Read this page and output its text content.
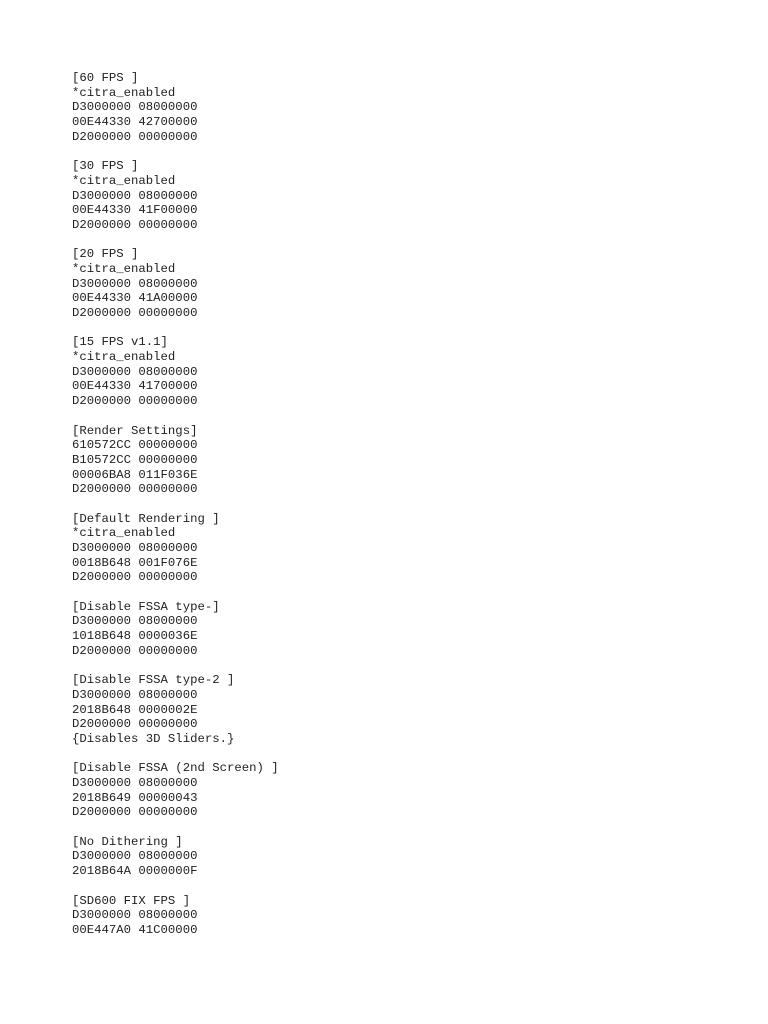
[60 FPS ]
*citra_enabled
D3000000 08000000
00E44330 42700000
D2000000 00000000
[30 FPS ]
*citra_enabled
D3000000 08000000
00E44330 41F00000
D2000000 00000000
[20 FPS ]
*citra_enabled
D3000000 08000000
00E44330 41A00000
D2000000 00000000
[15 FPS v1.1]
*citra_enabled
D3000000 08000000
00E44330 41700000
D2000000 00000000
[Render Settings]
610572CC 00000000
B10572CC 00000000
00006BA8 011F036E
D2000000 00000000
[Default Rendering ]
*citra_enabled
D3000000 08000000
0018B648 001F076E
D2000000 00000000
[Disable FSSA type-]
D3000000 08000000
1018B648 0000036E
D2000000 00000000
[Disable FSSA type-2 ]
D3000000 08000000
2018B648 0000002E
D2000000 00000000
{Disables 3D Sliders.}
[Disable FSSA (2nd Screen) ]
D3000000 08000000
2018B649 00000043
D2000000 00000000
[No Dithering ]
D3000000 08000000
2018B64A 0000000F
[SD600 FIX FPS ]
D3000000 08000000
00E447A0 41C00000
